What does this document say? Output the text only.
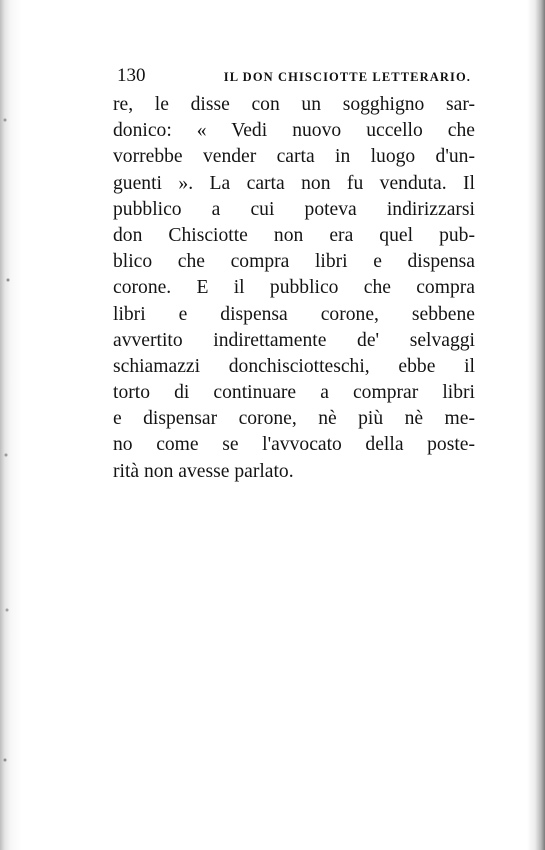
130	IL DON CHISCIOTTE LETTERARIO.
re, le disse con un sogghigno sar-
donico: « Vedi nuovo uccello che
vorrebbe vender carta in luogo d'un-
guenti ». La carta non fu venduta. Il
pubblico a cui poteva indirizzarsi
don Chisciotte non era quel pub-
blico che compra libri e dispensa
corone. E il pubblico che compra
libri e dispensa corone, sebbene
avvertito indirettamente de' selvaggi
schiamazzi donchisciotteschi, ebbe il
torto di continuare a comprar libri
e dispensar corone, nè più nè me-
no come se l'avvocato della poste-
rità non avesse parlato.
